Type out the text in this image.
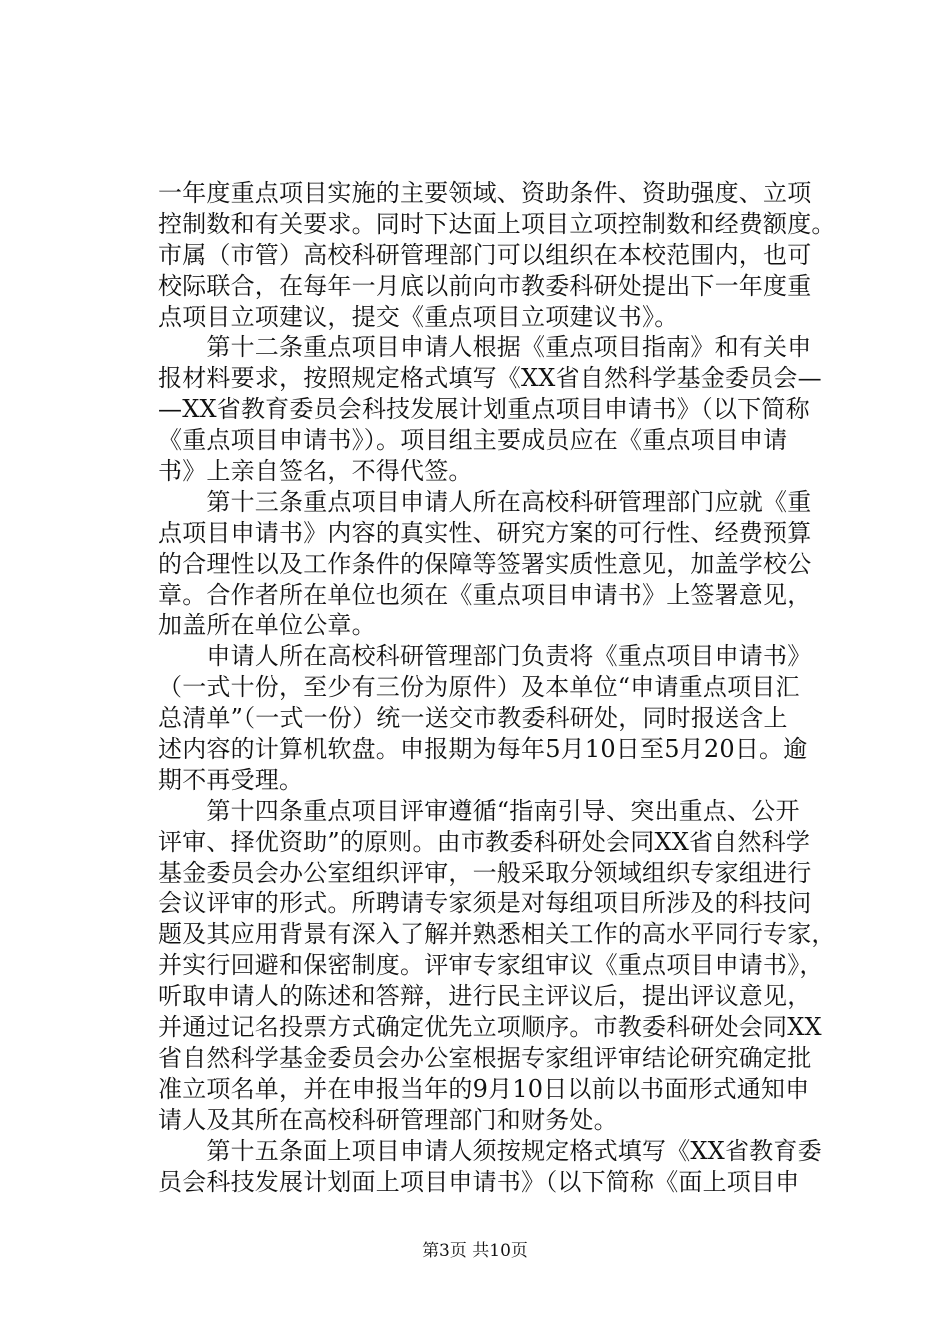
一年度重点项目实施的主要领域、资助条件、资助强度、立项
控制数和有关要求。同时下达面上项目立项控制数和经费额度。
市属（市管）高校科研管理部门可以组织在本校范围内，也可
校际联合，在每年一月底以前向市教委科研处提出下一年度重
点项目立项建议，提交《重点项目立项建议书》。
　　第十二条重点项目申请人根据《重点项目指南》和有关申
报材料要求，按照规定格式填写《XX省自然科学基金委员会—
—XX省教育委员会科技发展计划重点项目申请书》（以下简称
《重点项目申请书》）。项目组主要成员应在《重点项目申请
书》上亲自签名，不得代签。
　　第十三条重点项目申请人所在高校科研管理部门应就《重
点项目申请书》内容的真实性、研究方案的可行性、经费预算
的合理性以及工作条件的保障等签署实质性意见，加盖学校公
章。合作者所在单位也须在《重点项目申请书》上签署意见，
加盖所在单位公章。
　　申请人所在高校科研管理部门负责将《重点项目申请书》
（一式十份，至少有三份为原件）及本单位“申请重点项目汇
总清单”（一式一份）统一送交市教委科研处，同时报送含上
述内容的计算机软盘。申报期为每年5月10日至5月20日。逾
期不再受理。
　　第十四条重点项目评审遵循“指南引导、突出重点、公开
评审、择优资助”的原则。由市教委科研处会同XX省自然科学
基金委员会办公室组织评审，一般采取分领域组织专家组进行
会议评审的形式。所聘请专家须是对每组项目所涉及的科技问
题及其应用背景有深入了解并熟悉相关工作的高水平同行专家，
并实行回避和保密制度。评审专家组审议《重点项目申请书》，
听取申请人的陈述和答辩，进行民主评议后，提出评议意见，
并通过记名投票方式确定优先立项顺序。市教委科研处会同XX
省自然科学基金委员会办公室根据专家组评审结论研究确定批
准立项名单，并在申报当年的9月10日以前以书面形式通知申
请人及其所在高校科研管理部门和财务处。
　　第十五条面上项目申请人须按规定格式填写《XX省教育委
员会科技发展计划面上项目申请书》（以下简称《面上项目申
第3页 共10页
